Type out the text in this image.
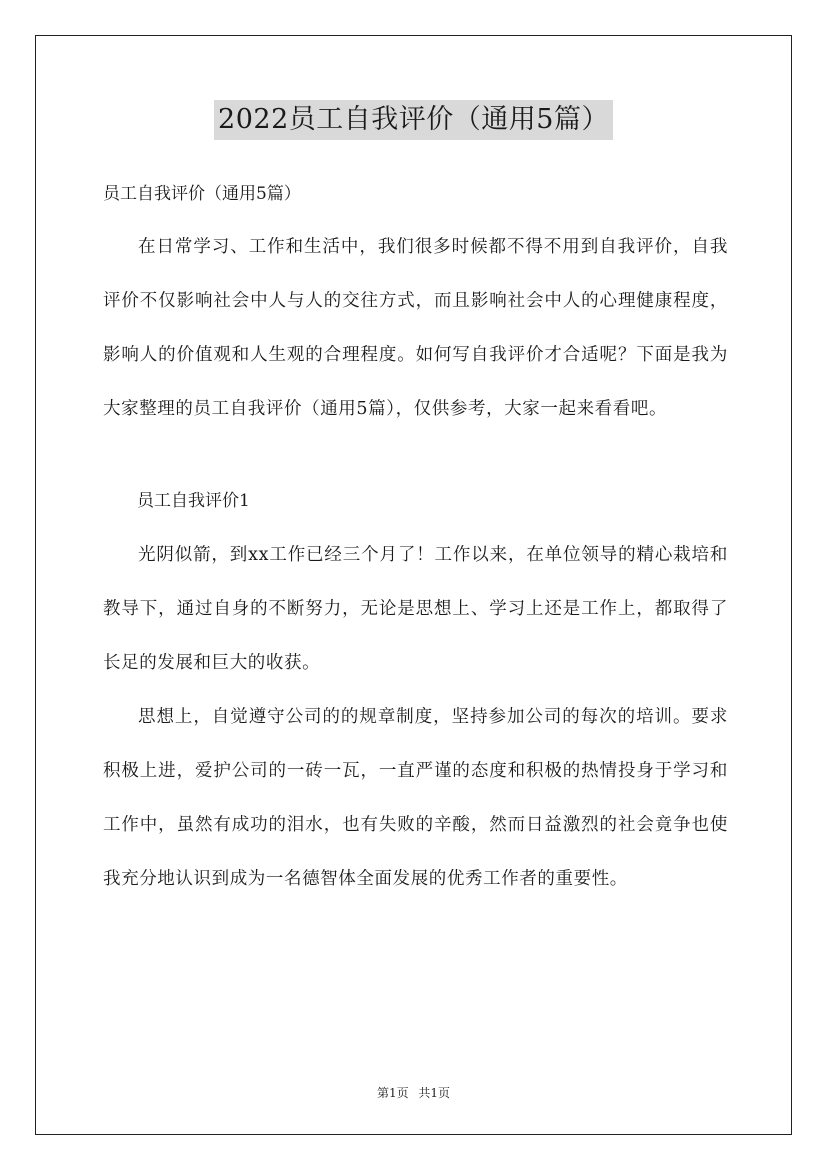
2022员工自我评价（通用5篇）

员工自我评价（通用5篇）

在日常学习、工作和生活中，我们很多时候都不得不用到自我评价，自我评价不仅影响社会中人与人的交往方式，而且影响社会中人的心理健康程度，影响人的价值观和人生观的合理程度。如何写自我评价才合适呢？下面是我为大家整理的员工自我评价（通用5篇），仅供参考，大家一起来看看吧。

员工自我评价1

光阴似箭，到xx工作已经三个月了！工作以来，在单位领导的精心栽培和教导下，通过自身的不断努力，无论是思想上、学习上还是工作上，都取得了长足的发展和巨大的收获。

思想上，自觉遵守公司的的规章制度，坚持参加公司的每次的培训。要求积极上进，爱护公司的一砖一瓦，一直严谨的态度和积极的热情投身于学习和工作中，虽然有成功的泪水，也有失败的辛酸，然而日益激烈的社会竟争也使我充分地认识到成为一名德智体全面发展的优秀工作者的重要性。

第1页 共1页
